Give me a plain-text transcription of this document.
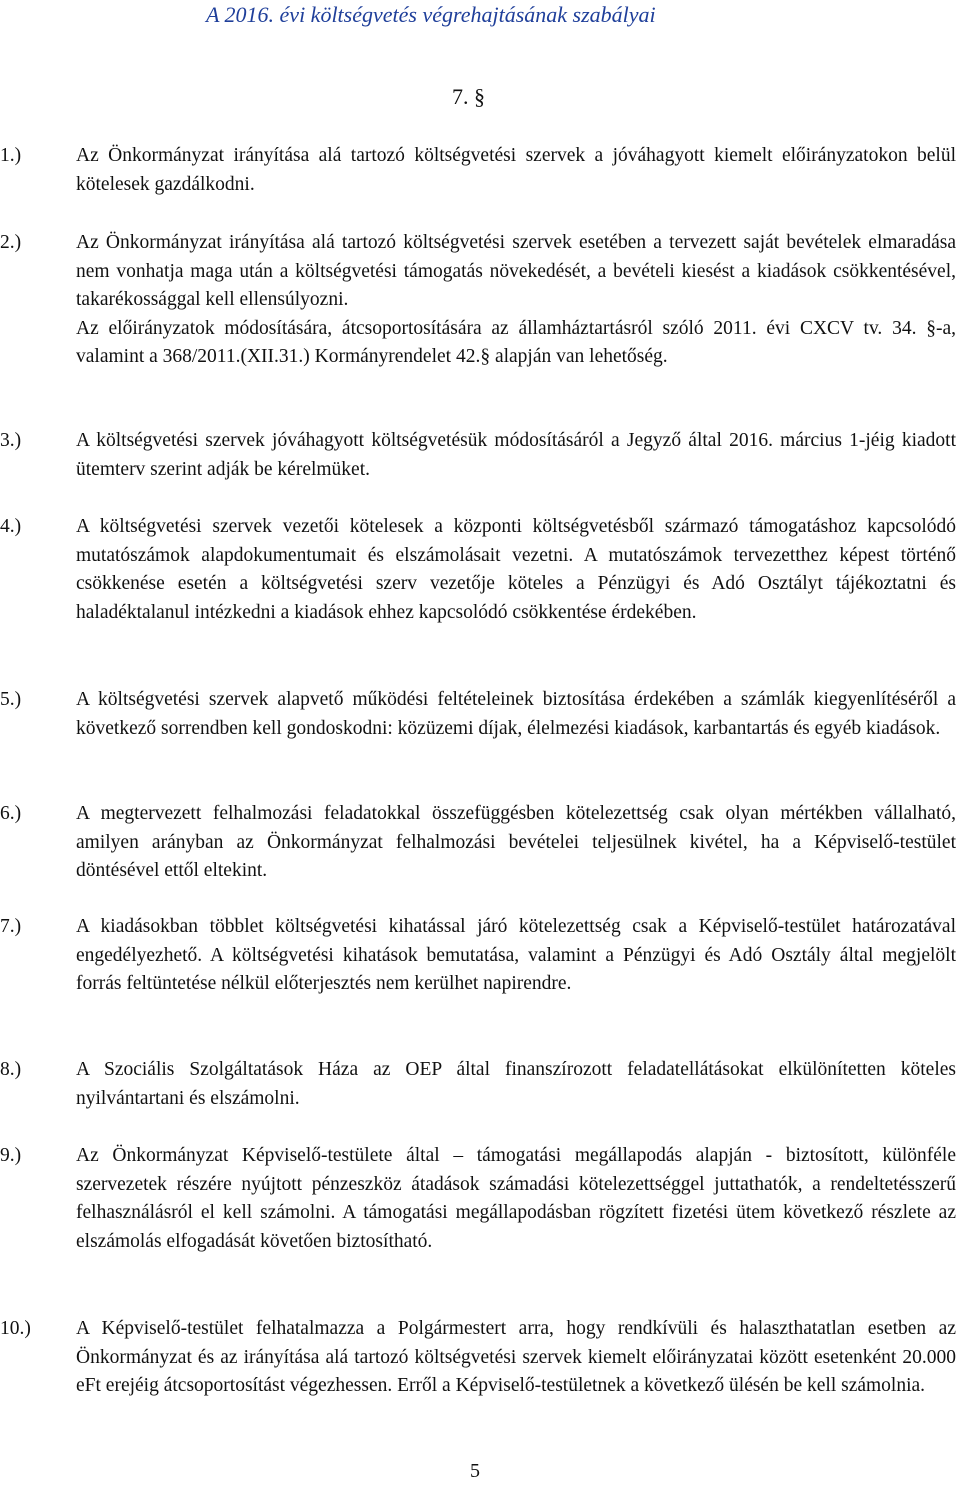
A 2016. évi költségvetés végrehajtásának szabályai
7. §
1.)	Az Önkormányzat irányítása alá tartozó költségvetési szervek a jóváhagyott kiemelt előirányzatokon belül kötelesek gazdálkodni.

2.)	Az Önkormányzat irányítása alá tartozó költségvetési szervek esetében a tervezett saját bevételek elmaradása nem vonhatja maga után a költségvetési támogatás növekedését, a bevételi kiesést a kiadások csökkentésével, takarékossággal kell ellensúlyozni.

Az előirányzatok módosítására, átcsoportosítására az államháztartásról szóló 2011. évi CXCV tv. 34. §-a, valamint a 368/2011.(XII.31.) Kormányrendelet 42.§ alapján van lehetőség.

3.)	A költségvetési szervek jóváhagyott költségvetésük módosításáról a Jegyző által 2016. március 1-jéig kiadott ütemterv szerint adják be kérelmüket.

4.)	A költségvetési szervek vezetői kötelesek a központi költségvetésből származó támogatáshoz kapcsolódó mutatószámok alapdokumentumait és elszámolásait vezetni. A mutatószámok tervezetthez képest történő csökkenése esetén a költségvetési szerv vezetője köteles a Pénzügyi és Adó Osztályt tájékoztatni és haladéktalanul intézkedni a kiadások ehhez kapcsolódó csökkentése érdekében.

5.)	A költségvetési szervek alapvető működési feltételeinek biztosítása érdekében a számlák kiegyenlítéséről a következő sorrendben kell gondoskodni: közüzemi díjak, élelmezési kiadások, karbantartás és egyéb kiadások.

6.)	A megtervezett felhalmozási feladatokkal összefüggésben kötelezettség csak olyan mértékben vállalható, amilyen arányban az Önkormányzat felhalmozási bevételei teljesülnek kivétel, ha a Képviselő-testület döntésével ettől eltekint.

7.)	A kiadásokban többlet költségvetési kihatással járó kötelezettség csak a Képviselő-testület határozatával engedélyezhető. A költségvetési kihatások bemutatása, valamint a Pénzügyi és Adó Osztály által megjelölt forrás feltüntetése nélkül előterjesztés nem kerülhet napirendre.

8.)	A Szociális Szolgáltatások Háza az OEP által finanszírozott feladatellátásokat elkülönítetten köteles nyilvántartani és elszámolni.

9.)	Az Önkormányzat Képviselő-testülete által – támogatási megállapodás alapján - biztosított, különféle szervezetek részére nyújtott pénzeszköz átadások számadási kötelezettséggel juttathatók, a rendeltetésszerű felhasználásról el kell számolni. A támogatási megállapodásban rögzített fizetési ütem következő részlete az elszámolás elfogadását követően biztosítható.

10.) A Képviselő-testület felhatalmazza a Polgármestert arra, hogy rendkívüli és halaszthatatlan esetben az Önkormányzat és az irányítása alá tartozó költségvetési szervek kiemelt előirányzatai között esetenként 20.000 eFt erejéig átcsoportosítást végezhessen. Erről a Képviselő-testületnek a következő ülésén be kell számolnia.

5
